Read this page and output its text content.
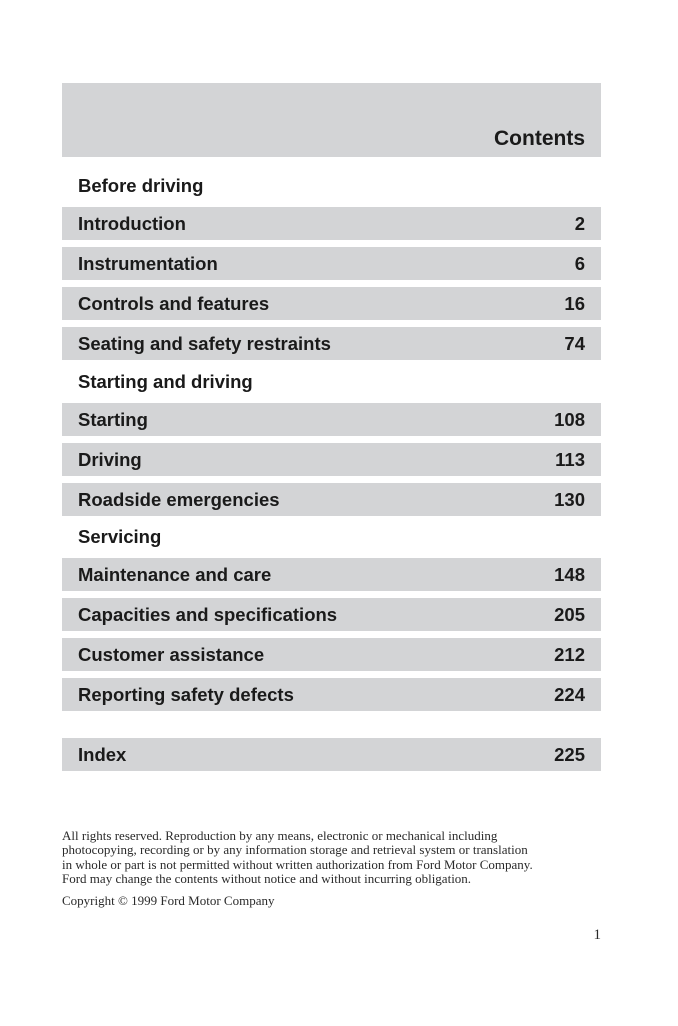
Contents
Before driving
Introduction	2
Instrumentation	6
Controls and features	16
Seating and safety restraints	74
Starting and driving
Starting	108
Driving	113
Roadside emergencies	130
Servicing
Maintenance and care	148
Capacities and specifications	205
Customer assistance	212
Reporting safety defects	224
Index	225
All rights reserved. Reproduction by any means, electronic or mechanical including
photocopying, recording or by any information storage and retrieval system or translation
in whole or part is not permitted without written authorization from Ford Motor Company.
Ford may change the contents without notice and without incurring obligation.
Copyright © 1999 Ford Motor Company
1
